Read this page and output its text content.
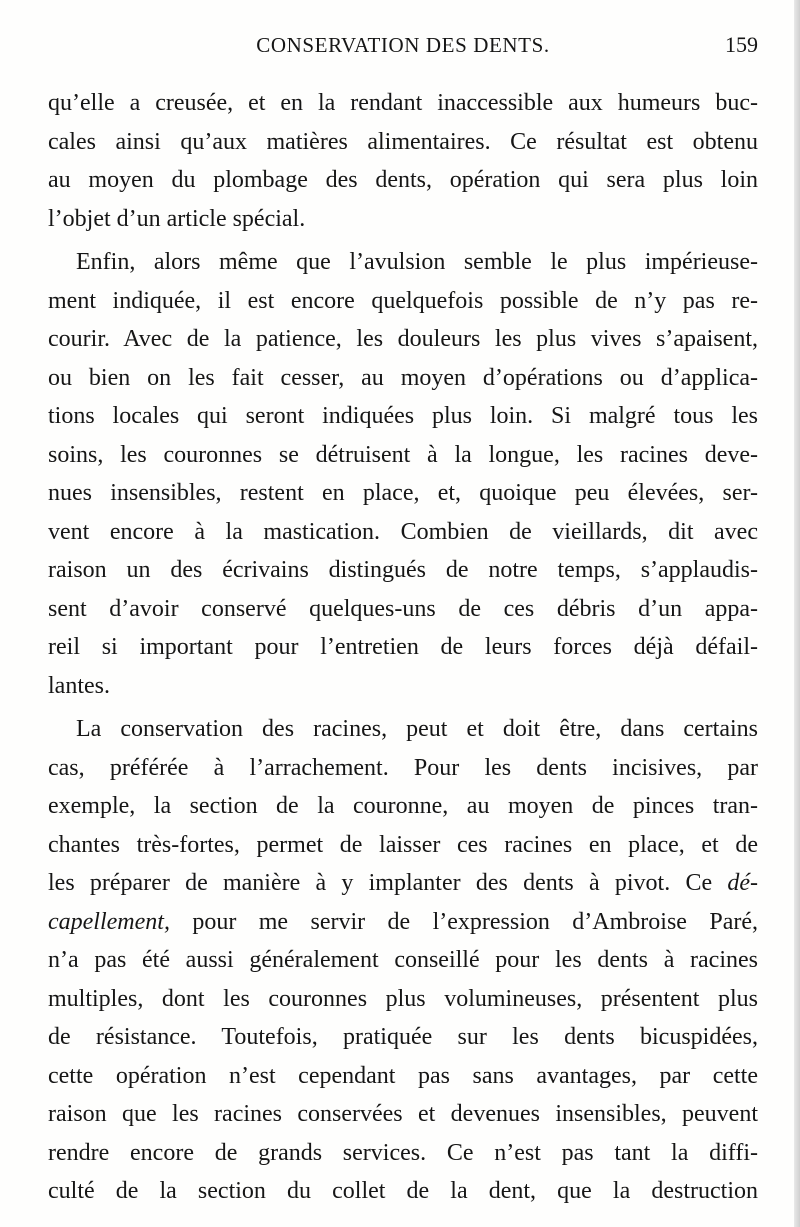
CONSERVATION DES DENTS.	159
qu’elle a creusée, et en la rendant inaccessible aux humeurs buc-
cales ainsi qu’aux matières alimentaires. Ce résultat est obtenu
au moyen du plombage des dents, opération qui sera plus loin
l’objet d’un article spécial.
Enfin, alors même que l’avulsion semble le plus impérieuse-
ment indiquée, il est encore quelquefois possible de n’y pas re-
courir. Avec de la patience, les douleurs les plus vives s’apaisent,
ou bien on les fait cesser, au moyen d’opérations ou d’applica-
tions locales qui seront indiquées plus loin. Si malgré tous les
soins, les couronnes se détruisent à la longue, les racines deve-
nues insensibles, restent en place, et, quoique peu élevées, ser-
vent encore à la mastication. Combien de vieillards, dit avec
raison un des écrivains distingués de notre temps, s’applaudis-
sent d’avoir conservé quelques-uns de ces débris d’un appa-
reil si important pour l’entretien de leurs forces déjà défail-
lantes.
La conservation des racines, peut et doit être, dans certains
cas, préférée à l’arrachement. Pour les dents incisives, par
exemple, la section de la couronne, au moyen de pinces tran-
chantes très-fortes, permet de laisser ces racines en place, et de
les préparer de manière à y implanter des dents à pivot. Ce dé-
capellement, pour me servir de l’expression d’Ambroise Paré,
n’a pas été aussi généralement conseillé pour les dents à racines
multiples, dont les couronnes plus volumineuses, présentent plus
de résistance. Toutefois, pratiquée sur les dents bicuspidées,
cette opération n’est cependant pas sans avantages, par cette
raison que les racines conservées et devenues insensibles, peuvent
rendre encore de grands services. Ce n’est pas tant la diffi-
culté de la section du collet de la dent, que la destruction
